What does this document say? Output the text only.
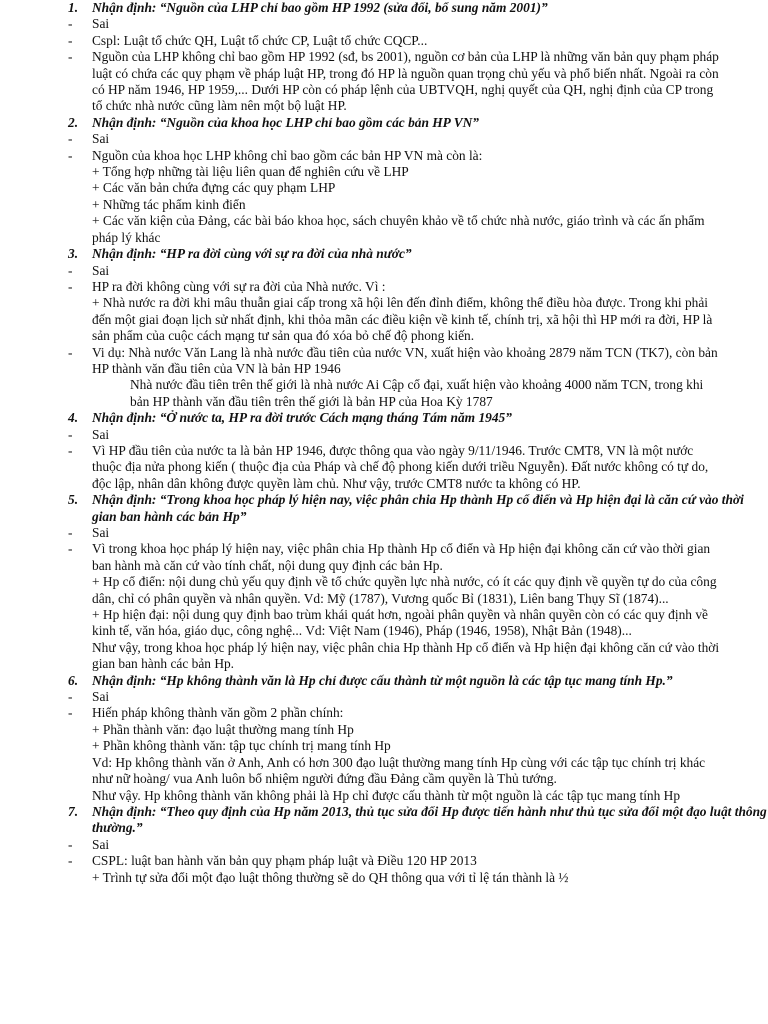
1. Nhận định: “Nguồn của LHP chỉ bao gồm HP 1992 (sửa đổi, bổ sung năm 2001)”
- Sai
- Cspl: Luật tổ chức QH, Luật tổ chức CP, Luật tổ chức CQCP...
- Nguồn của LHP không chỉ bao gồm HP 1992 (sđ, bs 2001), nguồn cơ bản của LHP là những văn bản quy phạm pháp luật có chứa các quy phạm về pháp luật HP, trong đó HP là nguồn quan trọng chủ yếu và phổ biến nhất. Ngoài ra còn có HP năm 1946, HP 1959,... Dưới HP còn có pháp lệnh của UBTVQH, nghị quyết của QH, nghị định của CP trong tổ chức nhà nước cũng làm nên một bộ luật HP.
2. Nhận định: “Nguồn của khoa học LHP chỉ bao gồm các bản HP VN”
- Sai
- Nguồn của khoa học LHP không chỉ bao gồm các bản HP VN mà còn là:
+ Tổng hợp những tài liệu liên quan để nghiên cứu về LHP
+ Các văn bản chứa đựng các quy phạm LHP
+ Những tác phẩm kinh điển
+ Các văn kiện của Đảng, các bài báo khoa học, sách chuyên khảo về tổ chức nhà nước, giáo trình và các ấn phẩm pháp lý khác
3. Nhận định: “HP ra đời cùng với sự ra đời của nhà nước”
- Sai
- HP ra đời không cùng với sự ra đời của Nhà nước. Vì :
+ Nhà nước ra đời khi mâu thuẫn giai cấp trong xã hội lên đến đỉnh điểm, không thể điều hòa được. Trong khi phải đến một giai đoạn lịch sử nhất định, khi thỏa mãn các điều kiện về kinh tế, chính trị, xã hội thì HP mới ra đời, HP là sản phẩm của cuộc cách mạng tư sản qua đó xóa bỏ chế độ phong kiến.
- Vi dụ: Nhà nước Văn Lang là nhà nước đầu tiên của nước VN, xuất hiện vào khoảng 2879 năm TCN (TK7), còn bản HP thành văn đầu tiên của VN là bản HP 1946
Nhà nước đầu tiên trên thế giới là nhà nước Ai Cập cổ đại, xuất hiện vào khoảng 4000 năm TCN, trong khi bản HP thành văn đầu tiên trên thế giới là bản HP của Hoa Kỳ 1787
4. Nhận định: “Ở nước ta, HP ra đời trước Cách mạng tháng Tám năm 1945”
- Sai
- Vì HP đầu tiên của nước ta là bản HP 1946, được thông qua vào ngày 9/11/1946. Trước CMT8, VN là một nước thuộc địa nửa phong kiến ( thuộc địa của Pháp và chế độ phong kiến dưới triều Nguyễn). Đất nước không có tự do, độc lập, nhân dân không được quyền làm chủ. Như vậy, trước CMT8 nước ta không có HP.
5. Nhận định: “Trong khoa học pháp lý hiện nay, việc phân chia Hp thành Hp cổ điển và Hp hiện đại là căn cứ vào thời gian ban hành các bản Hp”
- Sai
- Vì trong khoa học pháp lý hiện nay, việc phân chia Hp thành Hp cổ điển và Hp hiện đại không căn cứ vào thời gian ban hành mà căn cứ vào tính chất, nội dung quy định các bản Hp.
+ Hp cổ điển: nội dung chủ yếu quy định về tổ chức quyền lực nhà nước, có ít các quy định về quyền tự do của công dân, chỉ có phân quyền và nhân quyền. Vd: Mỹ (1787), Vương quốc Bỉ (1831), Liên bang Thụy Sĩ (1874)...
+ Hp hiện đại: nội dung quy định bao trùm khái quát hơn, ngoài phân quyền và nhân quyền còn có các quy định về kinh tế, văn hóa, giáo dục, công nghệ... Vd: Việt Nam (1946), Pháp (1946, 1958), Nhật Bản (1948)...
Như vậy, trong khoa học pháp lý hiện nay, việc phân chia Hp thành Hp cổ điển và Hp hiện đại không căn cứ vào thời gian ban hành các bản Hp.
6. Nhận định: “Hp không thành văn là Hp chỉ được cấu thành từ một nguồn là các tập tục mang tính Hp.”
- Sai
- Hiến pháp không thành văn gồm 2 phần chính:
+ Phần thành văn: đạo luật thường mang tính Hp
+ Phần không thành văn: tập tục chính trị mang tính Hp
Vd: Hp không thành văn ở Anh, Anh có hơn 300 đạo luật thường mang tính Hp cùng với các tập tục chính trị khác như nữ hoàng/ vua Anh luôn bổ nhiệm người đứng đầu Đảng cầm quyền là Thủ tướng.
Như vậy. Hp không thành văn không phải là Hp chỉ được cấu thành từ một nguồn là các tập tục mang tính Hp
7. Nhận định: “Theo quy định của Hp năm 2013, thủ tục sửa đổi Hp được tiến hành như thủ tục sửa đổi một đạo luật thông thường.”
- Sai
- CSPL: luật ban hành văn bản quy phạm pháp luật và Điều 120 HP 2013
+ Trình tự sửa đổi một đạo luật thông thường sẽ do QH thông qua với tỉ lệ tán thành là ½
